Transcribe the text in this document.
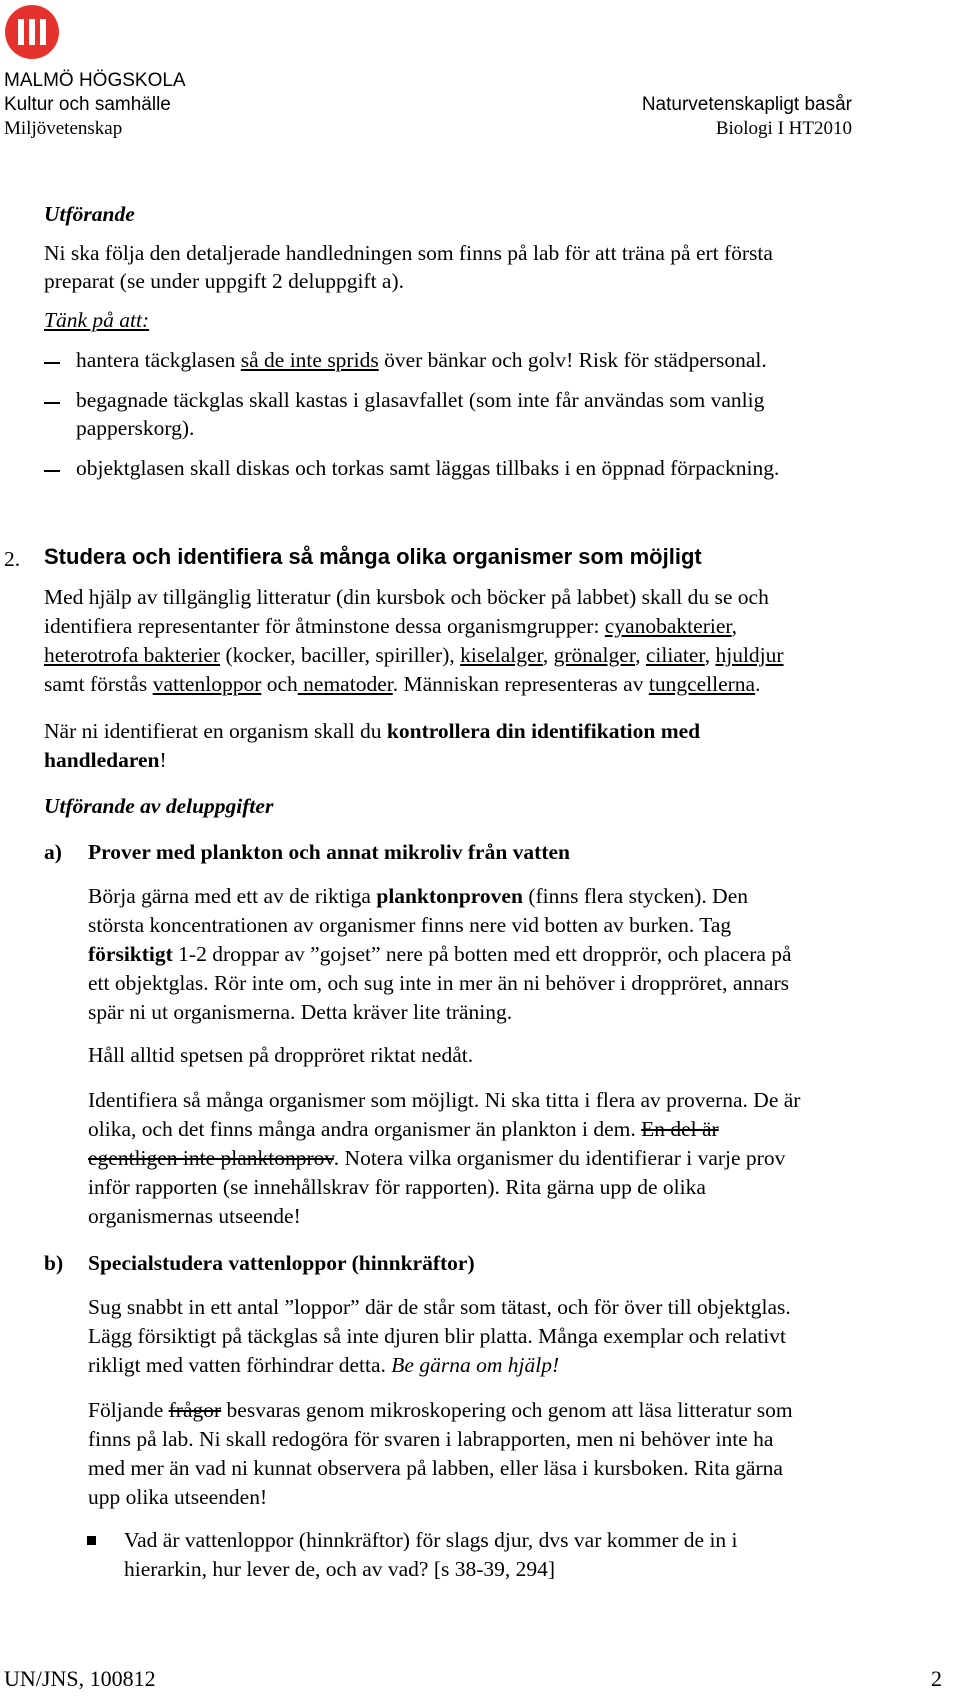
MALMÖ HÖGSKOLA
Kultur och samhälle
Miljövetenskap
Naturvetenskapligt basår
Biologi I HT2010
Utförande
Ni ska följa den detaljerade handledningen som finns på lab för att träna på ert första
preparat (se under uppgift 2 deluppgift a).
Tänk på att:
hantera täckglasen så de inte sprids över bänkar och golv! Risk för städpersonal.
begagnade täckglas skall kastas i glasavfallet (som inte får användas som vanlig
papperskorg).
objektglasen skall diskas och torkas samt läggas tillbaks i en öppnad förpackning.
2. Studera och identifiera så många olika organismer som möjligt
Med hjälp av tillgänglig litteratur (din kursbok och böcker på labbet) skall du se och
identifiera representanter för åtminstone dessa organismgrupper: cyanobakterier,
heterotrofa bakterier (kocker, baciller, spiriller), kiselalger, grönalger, ciliater, hjuldjur
samt förstås vattenloppor och nematoder. Människan representeras av tungcellerna.
När ni identifierat en organism skall du kontrollera din identifikation med
handledaren!
Utförande av deluppgifter
a) Prover med plankton och annat mikroliv från vatten
Börja gärna med ett av de riktiga planktonproven (finns flera stycken). Den
största koncentrationen av organismer finns nere vid botten av burken. Tag
försiktigt 1-2 droppar av ”gojset” nere på botten med ett dropprör, och placera på
ett objektglas. Rör inte om, och sug inte in mer än ni behöver i droppröret, annars
spär ni ut organismerna. Detta kräver lite träning.
Håll alltid spetsen på droppröret riktat nedåt.
Identifiera så många organismer som möjligt. Ni ska titta i flera av proverna. De är
olika, och det finns många andra organismer än plankton i dem. En del är
egentligen inte planktonprov. Notera vilka organismer du identifierar i varje prov
inför rapporten (se innehållskrav för rapporten). Rita gärna upp de olika
organismernas utseende!
b) Specialstudera vattenloppor (hinnkräftor)
Sug snabbt in ett antal ”loppor” där de står som tätast, och för över till objektglas.
Lägg försiktigt på täckglas så inte djuren blir platta. Många exemplar och relativt
rikligt med vatten förhindrar detta. Be gärna om hjälp!
Följande frågor besvaras genom mikroskopering och genom att läsa litteratur som
finns på lab. Ni skall redogöra för svaren i labrapporten, men ni behöver inte ha
med mer än vad ni kunnat observera på labben, eller läsa i kursboken. Rita gärna
upp olika utseenden!
Vad är vattenloppor (hinnkräftor) för slags djur, dvs var kommer de in i
hierarkin, hur lever de, och av vad? [s 38-39, 294]
UN/JNS, 100812	2
